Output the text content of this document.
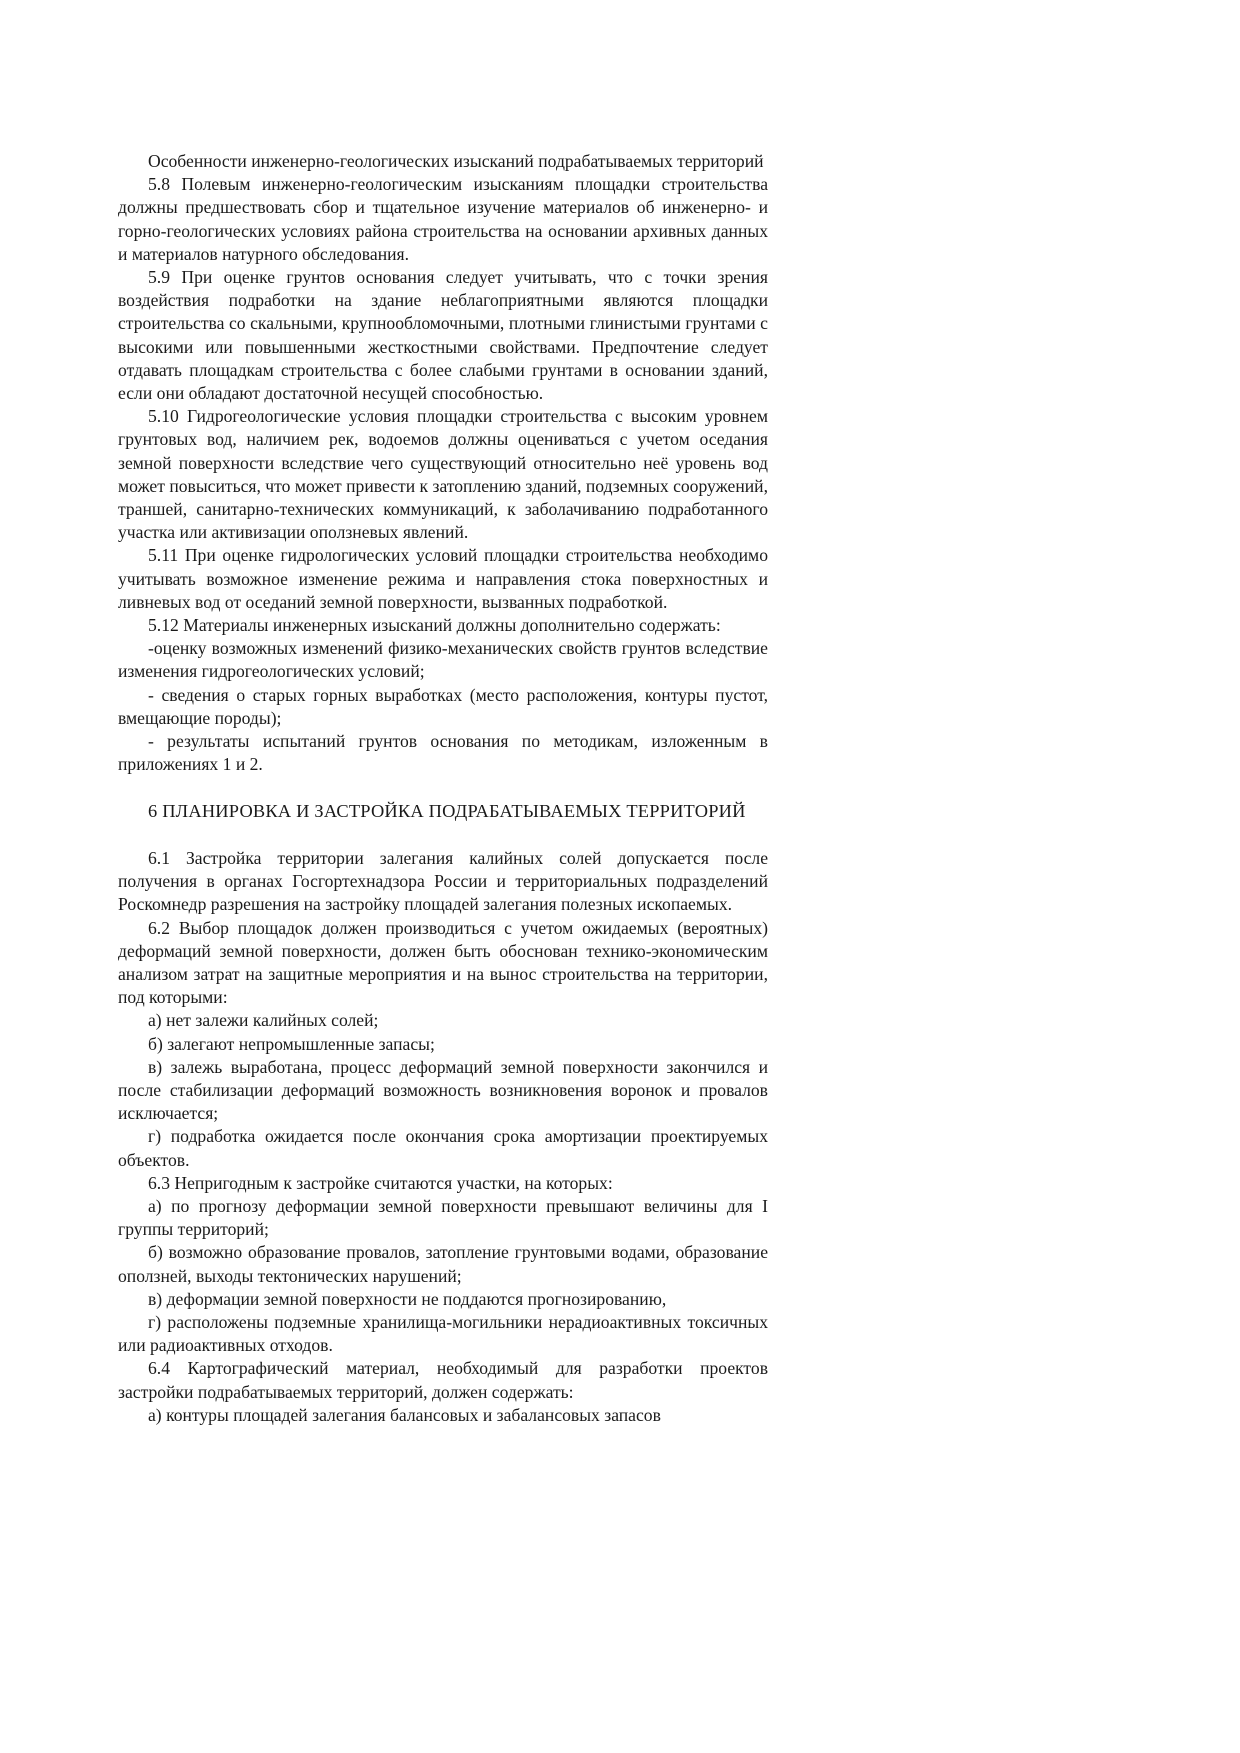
Особенности инженерно-геологических изысканий подрабатываемых территорий

5.8 Полевым инженерно-геологическим изысканиям площадки строительства должны предшествовать сбор и тщательное изучение материалов об инженерно- и горно-геологических условиях района строительства на основании архивных данных и материалов натурного обследования.

5.9 При оценке грунтов основания следует учитывать, что с точки зрения воздействия подработки на здание неблагоприятными являются площадки строительства со скальными, крупнообломочными, плотными глинистыми грунтами с высокими или повышенными жесткостными свойствами. Предпочтение следует отдавать площадкам строительства с более слабыми грунтами в основании зданий, если они обладают достаточной несущей способностью.

5.10 Гидрогеологические условия площадки строительства с высоким уровнем грунтовых вод, наличием рек, водоемов должны оцениваться с учетом оседания земной поверхности вследствие чего существующий относительно неё уровень вод может повыситься, что может привести к затоплению зданий, подземных сооружений, траншей, санитарно-технических коммуникаций, к заболачиванию подработанного участка или активизации оползневых явлений.

5.11 При оценке гидрологических условий площадки строительства необходимо учитывать возможное изменение режима и направления стока поверхностных и ливневых вод от оседаний земной поверхности, вызванных подработкой.

5.12 Материалы инженерных изысканий должны дополнительно содержать:

-оценку возможных изменений физико-механических свойств грунтов вследствие изменения гидрогеологических условий;

- сведения о старых горных выработках (место расположения, контуры пустот, вмещающие породы);

- результаты испытаний грунтов основания по методикам, изложенным в приложениях 1 и 2.

6 ПЛАНИРОВКА И ЗАСТРОЙКА ПОДРАБАТЫВАЕМЫХ ТЕРРИТОРИЙ

6.1 Застройка территории залегания калийных солей допускается после получения в органах Госгортехнадзора России и территориальных подразделений Роскомнедр разрешения на застройку площадей залегания полезных ископаемых.

6.2 Выбор площадок должен производиться с учетом ожидаемых (вероятных) деформаций земной поверхности, должен быть обоснован технико-экономическим анализом затрат на защитные мероприятия и на вынос строительства на территории, под которыми:

а) нет залежи калийных солей;

б) залегают непромышленные запасы;

в) залежь выработана, процесс деформаций земной поверхности закончился и после стабилизации деформаций возможность возникновения воронок и провалов исключается;

г) подработка ожидается после окончания срока амортизации проектируемых объектов.

6.3 Непригодным к застройке считаются участки, на которых:

а) по прогнозу деформации земной поверхности превышают величины для I группы территорий;

б) возможно образование провалов, затопление грунтовыми водами, образование оползней, выходы тектонических нарушений;

в) деформации земной поверхности не поддаются прогнозированию,

г) расположены подземные хранилища-могильники нерадиоактивных токсичных или радиоактивных отходов.

6.4 Картографический материал, необходимый для разработки проектов застройки подрабатываемых территорий, должен содержать:

а) контуры площадей залегания балансовых и забалансовых запасов
